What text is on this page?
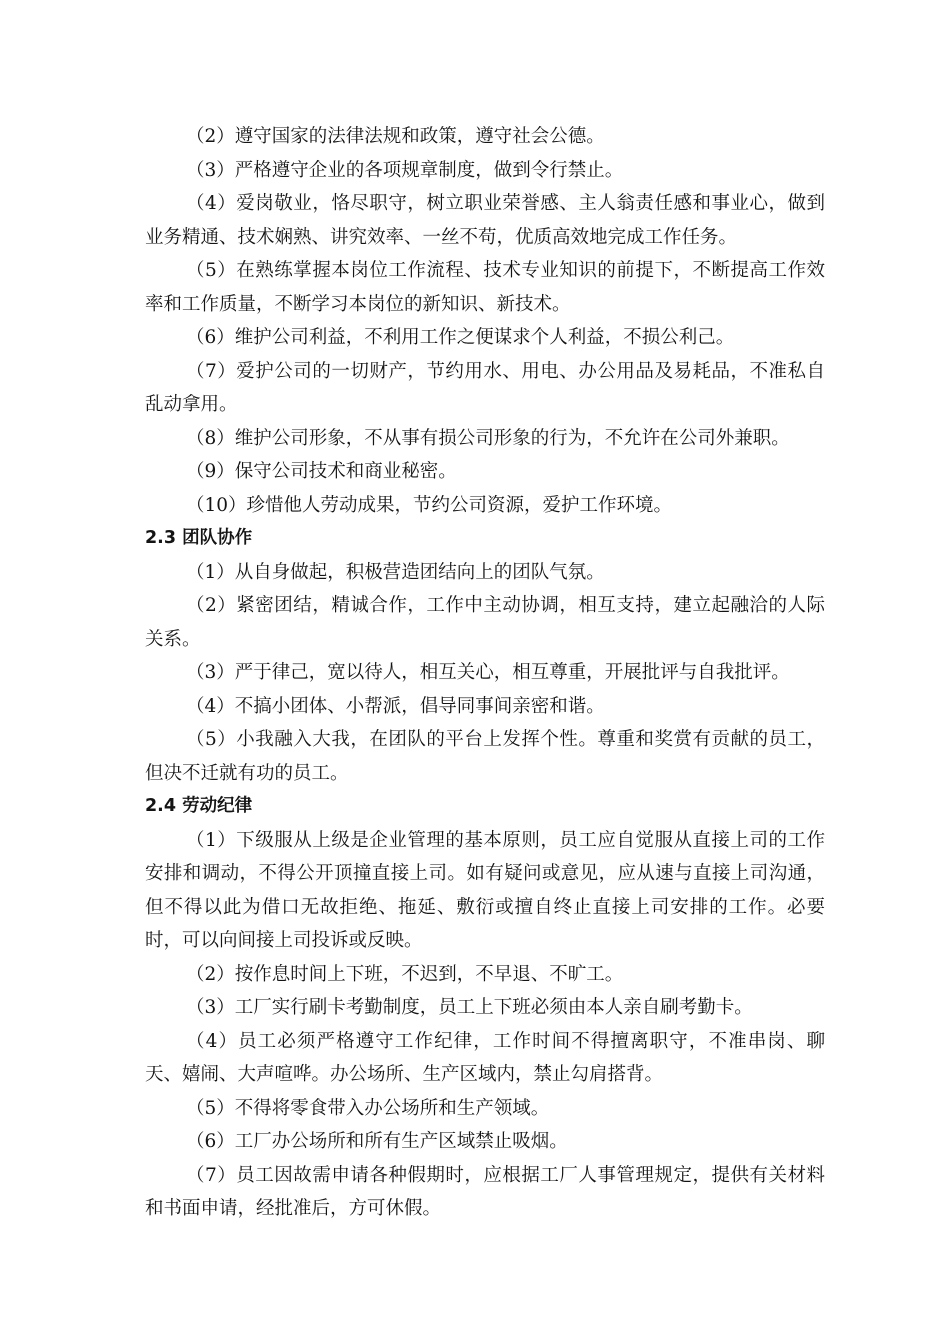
（2）遵守国家的法律法规和政策，遵守社会公德。

（3）严格遵守企业的各项规章制度，做到令行禁止。

（4）爱岗敬业，恪尽职守，树立职业荣誉感、主人翁责任感和事业心，做到业务精通、技术娴熟、讲究效率、一丝不苟，优质高效地完成工作任务。

（5）在熟练掌握本岗位工作流程、技术专业知识的前提下，不断提高工作效率和工作质量，不断学习本岗位的新知识、新技术。

（6）维护公司利益，不利用工作之便谋求个人利益，不损公利己。

（7）爱护公司的一切财产，节约用水、用电、办公用品及易耗品，不准私自乱动拿用。

（8）维护公司形象，不从事有损公司形象的行为，不允许在公司外兼职。

（9）保守公司技术和商业秘密。

（10）珍惜他人劳动成果，节约公司资源，爱护工作环境。

2.3 团队协作

（1）从自身做起，积极营造团结向上的团队气氛。

（2）紧密团结，精诚合作，工作中主动协调，相互支持，建立起融洽的人际关系。

（3）严于律己，宽以待人，相互关心，相互尊重，开展批评与自我批评。

（4）不搞小团体、小帮派，倡导同事间亲密和谐。

（5）小我融入大我，在团队的平台上发挥个性。尊重和奖赏有贡献的员工，但决不迁就有功的员工。

2.4 劳动纪律

（1）下级服从上级是企业管理的基本原则，员工应自觉服从直接上司的工作安排和调动，不得公开顶撞直接上司。如有疑问或意见，应从速与直接上司沟通，但不得以此为借口无故拒绝、拖延、敷衍或擅自终止直接上司安排的工作。必要时，可以向间接上司投诉或反映。

（2）按作息时间上下班，不迟到，不早退、不旷工。

（3）工厂实行刷卡考勤制度，员工上下班必须由本人亲自刷考勤卡。

（4）员工必须严格遵守工作纪律，工作时间不得擅离职守，不准串岗、聊天、嬉闹、大声喧哗。办公场所、生产区域内，禁止勾肩搭背。

（5）不得将零食带入办公场所和生产领域。

（6）工厂办公场所和所有生产区域禁止吸烟。

（7）员工因故需申请各种假期时，应根据工厂人事管理规定，提供有关材料和书面申请，经批准后，方可休假。
